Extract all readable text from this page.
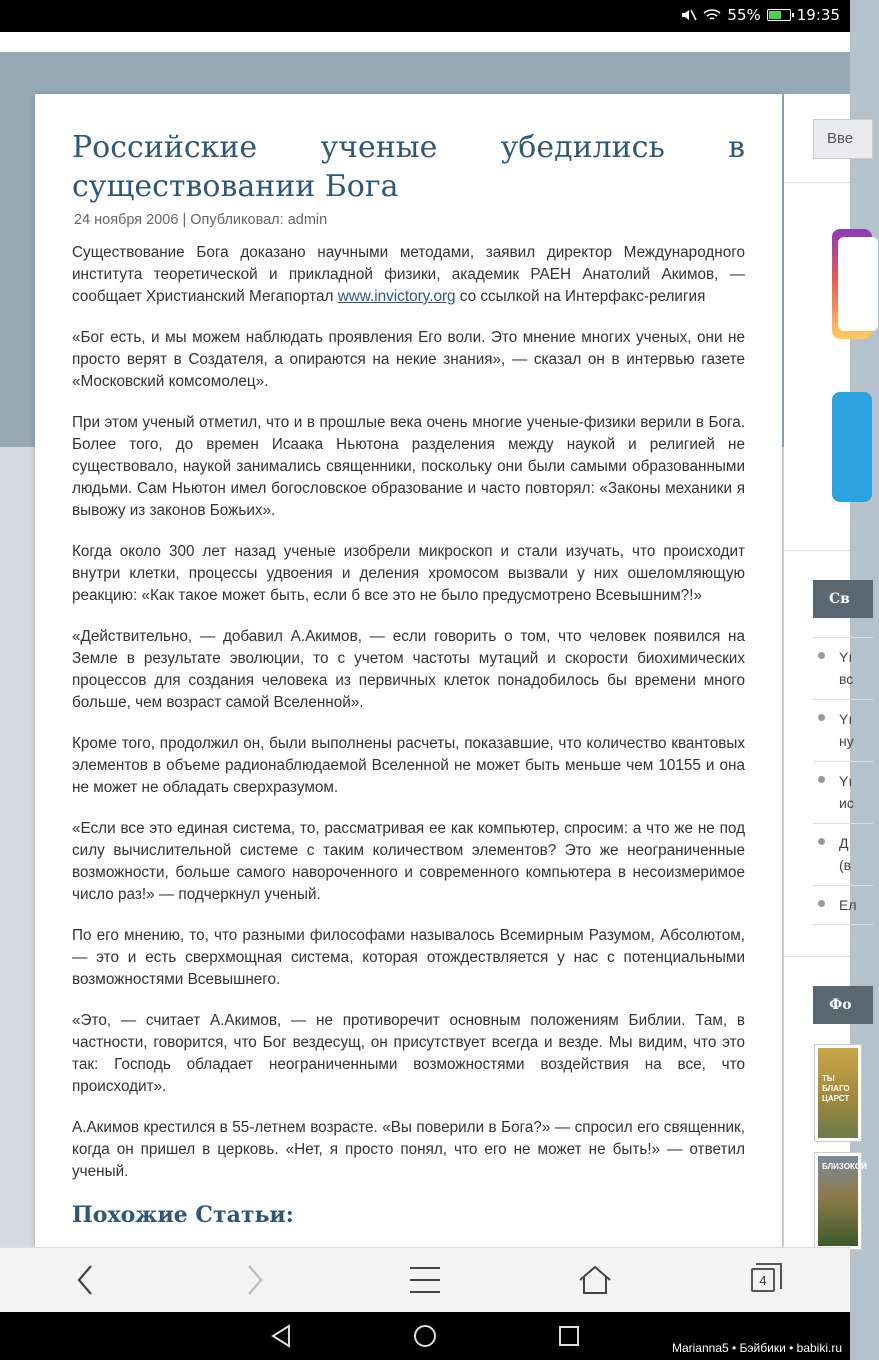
55% 19:35
Российские ученые убедились в существовании Бога
24 ноября 2006 | Опубликовал: admin

Существование Бога доказано научными методами, заявил директор Международного института теоретической и прикладной физики, академик РАЕН Анатолий Акимов, — сообщает Христианский Мегапортал www.invictory.org со ссылкой на Интерфакс-религия

«Бог есть, и мы можем наблюдать проявления Его воли. Это мнение многих ученых, они не просто верят в Создателя, а опираются на некие знания», — сказал он в интервью газете «Московский комсомолец».

При этом ученый отметил, что и в прошлые века очень многие ученые-физики верили в Бога. Более того, до времен Исаака Ньютона разделения между наукой и религией не существовало, наукой занимались священники, поскольку они были самыми образованными людьми. Сам Ньютон имел богословское образование и часто повторял: «Законы механики я вывожу из законов Божьих».

Когда около 300 лет назад ученые изобрели микроскоп и стали изучать, что происходит внутри клетки, процессы удвоения и деления хромосом вызвали у них ошеломляющую реакцию: «Как такое может быть, если б все это не было предусмотрено Всевышним?!»

«Действительно, — добавил А.Акимов, — если говорить о том, что человек появился на Земле в результате эволюции, то с учетом частоты мутаций и скорости биохимических процессов для создания человека из первичных клеток понадобилось бы времени много больше, чем возраст самой Вселенной».

Кроме того, продолжил он, были выполнены расчеты, показавшие, что количество квантовых элементов в объеме радионаблюдаемой Вселенной не может быть меньше чем 10155 и она не может не обладать сверхразумом.

«Если все это единая система, то, рассматривая ее как компьютер, спросим: а что же не под силу вычислительной системе с таким количеством элементов? Это же неограниченные возможности, больше самого навороченного и современного компьютера в несоизмеримое число раз!» — подчеркнул ученый.

По его мнению, то, что разными философами называлось Всемирным Разумом, Абсолютом, — это и есть сверхмощная система, которая отождествляется у нас с потенциальными возможностями Всевышнего.

«Это, — считает А.Акимов, — не противоречит основным положениям Библии. Там, в частности, говорится, что Бог вездесущ, он присутствует всегда и везде. Мы видим, что это так: Господь обладает неограниченными возможностями воздействия на все, что происходит».

А.Акимов крестился в 55-летнем возрасте. «Вы поверили в Бога?» — спросил его священник, когда он пришел в церковь. «Нет, я просто понял, что его не может не быть!» — ответил ученый.

Похожие Статьи:
Вве
Св
Yı
вс
Yı
ну
Yı
ис
Д
(в
Ел
Фо
ТЫ
БЛАГО
ЦАРСТ
БЛИЗОКОЙ
4
Marianna5 • Бэйбики • babiki.ru
